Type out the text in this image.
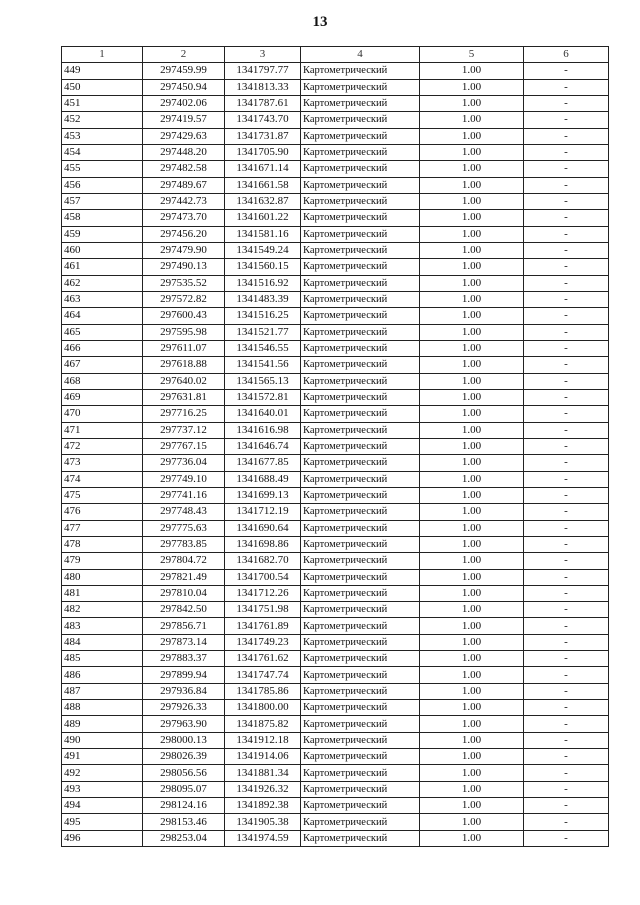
13
1	2	3	4	5	6
449	297459.99	1341797.77	Картометрический	1.00	-
450	297450.94	1341813.33	Картометрический	1.00	-
451	297402.06	1341787.61	Картометрический	1.00	-
452	297419.57	1341743.70	Картометрический	1.00	-
453	297429.63	1341731.87	Картометрический	1.00	-
454	297448.20	1341705.90	Картометрический	1.00	-
455	297482.58	1341671.14	Картометрический	1.00	-
456	297489.67	1341661.58	Картометрический	1.00	-
457	297442.73	1341632.87	Картометрический	1.00	-
458	297473.70	1341601.22	Картометрический	1.00	-
459	297456.20	1341581.16	Картометрический	1.00	-
460	297479.90	1341549.24	Картометрический	1.00	-
461	297490.13	1341560.15	Картометрический	1.00	-
462	297535.52	1341516.92	Картометрический	1.00	-
463	297572.82	1341483.39	Картометрический	1.00	-
464	297600.43	1341516.25	Картометрический	1.00	-
465	297595.98	1341521.77	Картометрический	1.00	-
466	297611.07	1341546.55	Картометрический	1.00	-
467	297618.88	1341541.56	Картометрический	1.00	-
468	297640.02	1341565.13	Картометрический	1.00	-
469	297631.81	1341572.81	Картометрический	1.00	-
470	297716.25	1341640.01	Картометрический	1.00	-
471	297737.12	1341616.98	Картометрический	1.00	-
472	297767.15	1341646.74	Картометрический	1.00	-
473	297736.04	1341677.85	Картометрический	1.00	-
474	297749.10	1341688.49	Картометрический	1.00	-
475	297741.16	1341699.13	Картометрический	1.00	-
476	297748.43	1341712.19	Картометрический	1.00	-
477	297775.63	1341690.64	Картометрический	1.00	-
478	297783.85	1341698.86	Картометрический	1.00	-
479	297804.72	1341682.70	Картометрический	1.00	-
480	297821.49	1341700.54	Картометрический	1.00	-
481	297810.04	1341712.26	Картометрический	1.00	-
482	297842.50	1341751.98	Картометрический	1.00	-
483	297856.71	1341761.89	Картометрический	1.00	-
484	297873.14	1341749.23	Картометрический	1.00	-
485	297883.37	1341761.62	Картометрический	1.00	-
486	297899.94	1341747.74	Картометрический	1.00	-
487	297936.84	1341785.86	Картометрический	1.00	-
488	297926.33	1341800.00	Картометрический	1.00	-
489	297963.90	1341875.82	Картометрический	1.00	-
490	298000.13	1341912.18	Картометрический	1.00	-
491	298026.39	1341914.06	Картометрический	1.00	-
492	298056.56	1341881.34	Картометрический	1.00	-
493	298095.07	1341926.32	Картометрический	1.00	-
494	298124.16	1341892.38	Картометрический	1.00	-
495	298153.46	1341905.38	Картометрический	1.00	-
496	298253.04	1341974.59	Картометрический	1.00	-
